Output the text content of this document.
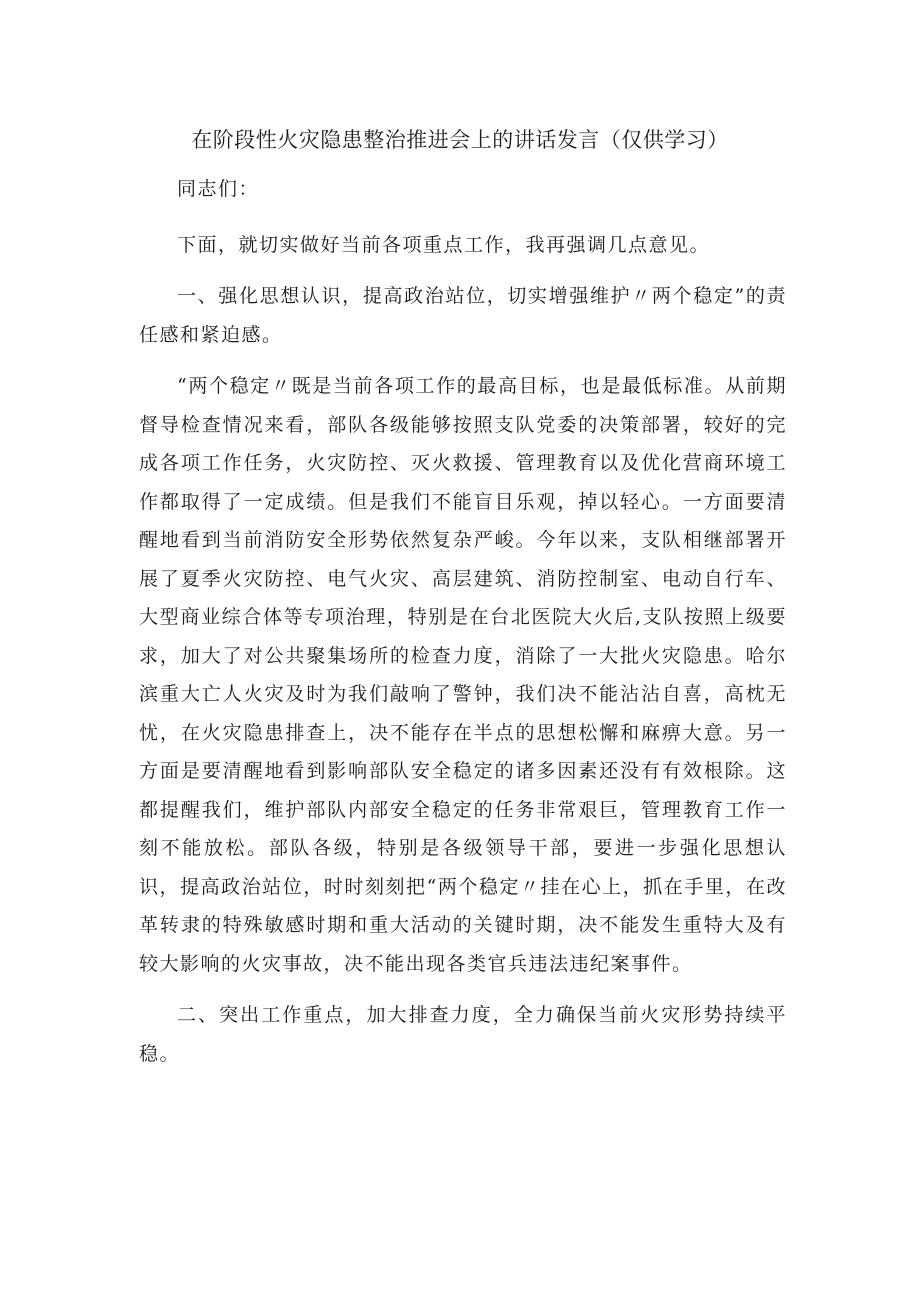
在阶段性火灾隐患整治推进会上的讲话发言（仅供学习）

同志们：

下面，就切实做好当前各项重点工作，我再强调几点意见。

一、强化思想认识，提高政治站位，切实增强维护〃两个稳定”的责任感和紧迫感。

“两个稳定〃既是当前各项工作的最高目标，也是最低标准。从前期督导检查情况来看，部队各级能够按照支队党委的决策部署，较好的完成各项工作任务，火灾防控、灭火救援、管理教育以及优化营商环境工作都取得了一定成绩。但是我们不能盲目乐观，掉以轻心。一方面要清醒地看到当前消防安全形势依然复杂严峻。今年以来，支队相继部署开展了夏季火灾防控、电气火灾、高层建筑、消防控制室、电动自行车、大型商业综合体等专项治理，特别是在台北医院大火后,支队按照上级要求，加大了对公共聚集场所的检查力度，消除了一大批火灾隐患。哈尔滨重大亡人火灾及时为我们敲响了警钟，我们决不能沾沾自喜，高枕无忧，在火灾隐患排查上，决不能存在半点的思想松懈和麻痹大意。另一方面是要清醒地看到影响部队安全稳定的诸多因素还没有有效根除。这都提醒我们，维护部队内部安全稳定的任务非常艰巨，管理教育工作一刻不能放松。部队各级，特别是各级领导干部，要进一步强化思想认识，提高政治站位，时时刻刻把“两个稳定〃挂在心上，抓在手里，在改革转隶的特殊敏感时期和重大活动的关键时期，决不能发生重特大及有较大影响的火灾事故，决不能出现各类官兵违法违纪案事件。

二、突出工作重点，加大排查力度，全力确保当前火灾形势持续平稳。
